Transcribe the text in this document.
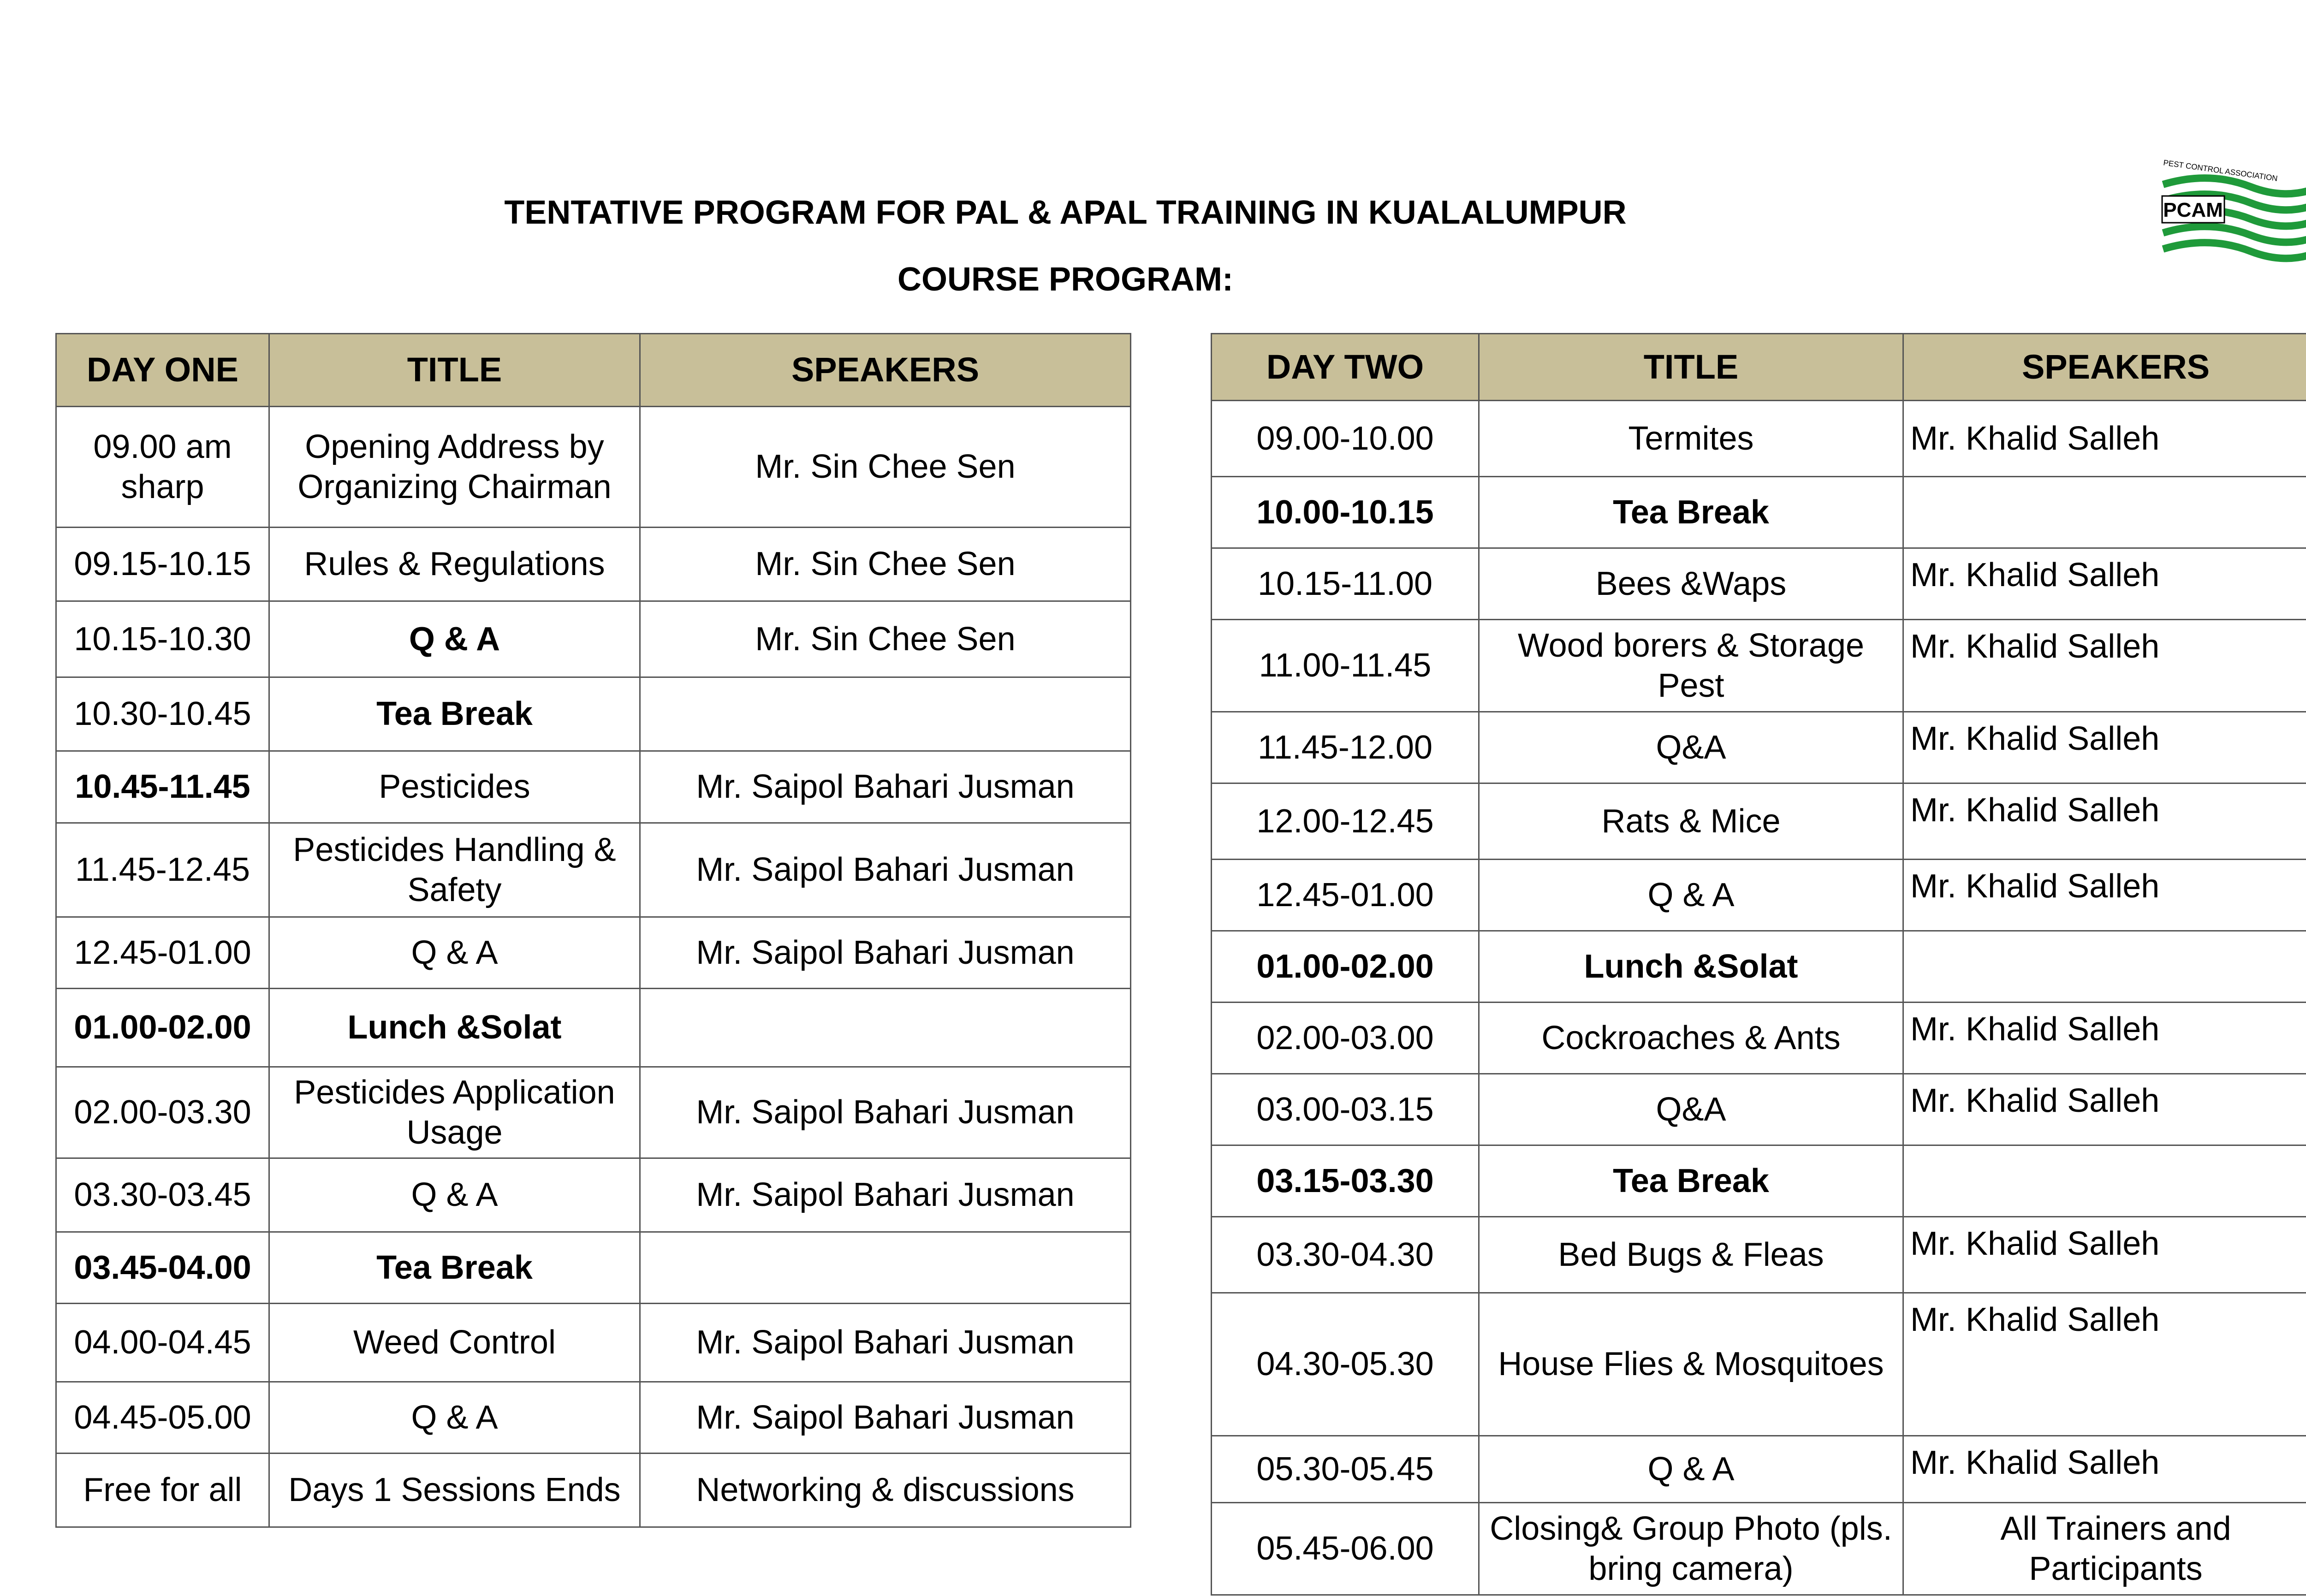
TENTATIVE PROGRAM FOR PAL & APAL TRAINING IN KUALALUMPUR
COURSE PROGRAM:
PCAM
PEST CONTROL ASSOCIATION
DAY ONE	TITLE	SPEAKERS
09.00 am sharp	Opening Address by Organizing Chairman	Mr. Sin Chee Sen
09.15-10.15	Rules & Regulations	Mr. Sin Chee Sen
10.15-10.30	Q & A	Mr. Sin Chee Sen
10.30-10.45	Tea Break	
10.45-11.45	Pesticides	Mr. Saipol Bahari Jusman
11.45-12.45	Pesticides Handling & Safety	Mr. Saipol Bahari Jusman
12.45-01.00	Q & A	Mr. Saipol Bahari Jusman
01.00-02.00	Lunch &Solat	
02.00-03.30	Pesticides Application Usage	Mr. Saipol Bahari Jusman
03.30-03.45	Q & A	Mr. Saipol Bahari Jusman
03.45-04.00	Tea Break	
04.00-04.45	Weed Control	Mr. Saipol Bahari Jusman
04.45-05.00	Q & A	Mr. Saipol Bahari Jusman
Free for all	Days 1 Sessions Ends	Networking & discussions
DAY TWO	TITLE	SPEAKERS
09.00-10.00	Termites	Mr. Khalid Salleh
10.00-10.15	Tea Break	
10.15-11.00	Bees &Waps	Mr. Khalid Salleh
11.00-11.45	Wood borers & Storage Pest	Mr. Khalid Salleh
11.45-12.00	Q&A	Mr. Khalid Salleh
12.00-12.45	Rats & Mice	Mr. Khalid Salleh
12.45-01.00	Q & A	Mr. Khalid Salleh
01.00-02.00	Lunch &Solat	
02.00-03.00	Cockroaches & Ants	Mr. Khalid Salleh
03.00-03.15	Q&A	Mr. Khalid Salleh
03.15-03.30	Tea Break	
03.30-04.30	Bed Bugs & Fleas	Mr. Khalid Salleh
04.30-05.30	House Flies & Mosquitoes	Mr. Khalid Salleh
05.30-05.45	Q & A	Mr. Khalid Salleh
05.45-06.00	Closing& Group Photo (pls. bring camera)	All Trainers and Participants
